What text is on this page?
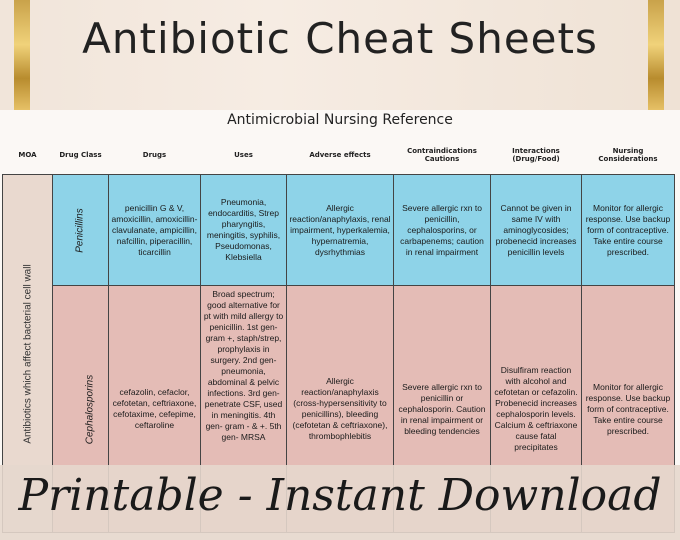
Antibiotic Cheat Sheets
Antimicrobial Nursing Reference
MOA	Drug Class	Drugs	Uses	Adverse effects	Contraindications Cautions	Interactions (Drug/Food)	Nursing Considerations

Antibiotics which affect bacterial cell wall	Penicillins	penicillin G & V, amoxicillin, amoxicillin-clavulanate, ampicillin, nafcillin, piperacillin, ticarcillin	Pneumonia, endocarditis, Strep pharyngitis, meningitis, syphilis, Pseudomonas, Klebsiella	Allergic reaction/anaphylaxis, renal impairment, hyperkalemia, hypernatremia, dysrhythmias	Severe allergic rxn to penicillin, cephalosporins, or carbapenems; caution in renal impairment	Cannot be given in same IV with aminoglycosides; probenecid increases penicillin levels	Monitor for allergic response. Use backup form of contraceptive. Take entire course prescribed.
	Cephalosporins	cefazolin, cefaclor, cefotetan, ceftriaxone, cefotaxime, cefepime, ceftaroline	Broad spectrum; good alternative for pt with mild allergy to penicillin. 1st gen- gram +, staph/strep, prophylaxis in surgery. 2nd gen- pneumonia, abdominal & pelvic infections. 3rd gen- penetrate CSF, used in meningitis. 4th gen- gram - & +. 5th gen- MRSA	Allergic reaction/anaphylaxis (cross-hypersensitivity to penicillins), bleeding (cefotetan & ceftriaxone), thrombophlebitis	Severe allergic rxn to penicillin or cephalosporin. Caution in renal impairment or bleeding tendencies	Disulfiram reaction with alcohol and cefotetan or cefazolin. Probenecid increases cephalosporin levels. Calcium & ceftriaxone cause fatal precipitates	Monitor for allergic response. Use backup form of contraceptive. Take entire course prescribed.
Printable - Instant Download
